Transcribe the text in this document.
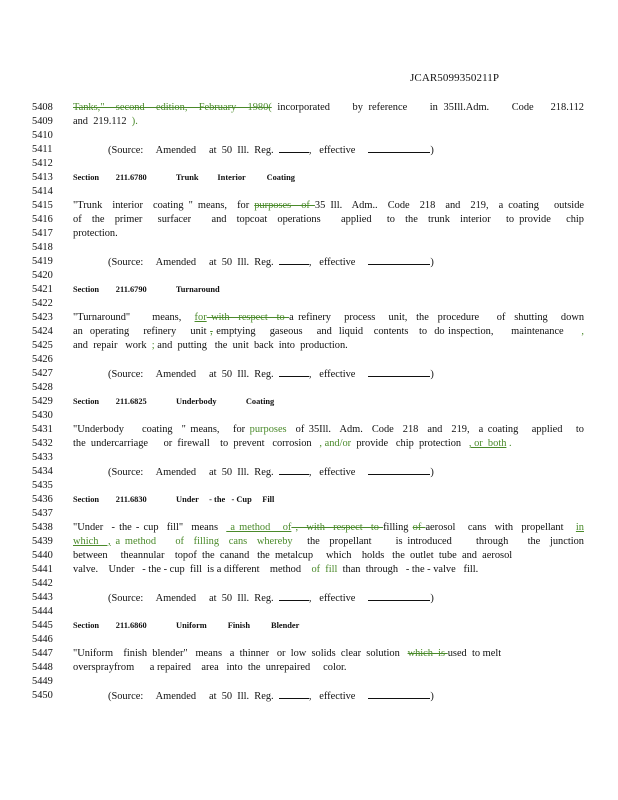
JCAR5099350211P
5408	Tanks,"  second  edition,  February  1980( incorporated    by reference    in 35Ill.Adm.    Code   218.112
5409	and  219.112  ).
5410
5411	(Source:     Amended     at  50  Ill.  Reg.	,   effective	)
5412
5413	Section        211.6780              Trunk         Interior          Coating
5414
5415	"Trunk  interior  coating " means,  for purposes  of 35 Ill.  Adm..  Code  218  and  219,  a coating   outside
5416	of  the  primer   surfacer    and  topcoat  operations    applied   to  the  trunk  interior   to provide   chip
5417	protection.
5418
5419	(Source:     Amended     at  50  Ill.  Reg.	,   effective	)
5420
5421	Section        211.6790              Turnaround
5422
5423	"Turnaround"     means,   for with  respect  to a refinery   process   unit,  the  procedure    of  shutting   down
5424	an  operating    refinery    unit , emptying    gaseous    and  liquid   contents   to  do inspection,     maintenance     ,
5425	and  repair   work  ; and  putting   the  unit  back  into  production.
5426
5427	(Source:     Amended     at  50  Ill.  Reg.	,   effective	)
5428
5429	Section        211.6825              Underbody              Coating
5430
5431	"Underbody    coating  " means,   for purposes  of 35Ill.  Adm.  Code  218  and  219,  a coating   applied   to
5432	the  undercarriage      or  firewall    to  prevent   corrosion   , and/or  provide   chip  protection   , or  both .
5433
5434	(Source:     Amended     at  50  Ill.  Reg.	,   effective	)
5435
5436	Section        211.6830              Under     - the   - Cup     Fill
5437
5438	"Under  - the - cup  fill"  means   a method   of ,  with  respect  to filling of aerosol   cans  with  propellant   in
5439	which  , a method    of  filling  cans  whereby   the  propellant     is introduced     through    the  junction
5440	between     theannular    topof  the  canand   the  metalcup     which    holds   the  outlet  tube  and  aerosol
5441	valve.    Under   - the - cup  fill  is a different    method    of  fill  than  through   - the - valve   fill.
5442
5443	(Source:     Amended     at  50  Ill.  Reg.	,   effective	)
5444
5445	Section        211.6860              Uniform          Finish          Blender
5446
5447	"Uniform    finish  blender"   means   a  thinner   or  low  solids  clear  solution   which  is used  to melt
5448	oversprayfrom      a repaired    area   into  the  unrepaired     color.
5449
5450	(Source:     Amended     at  50  Ill.  Reg.	,   effective	)
